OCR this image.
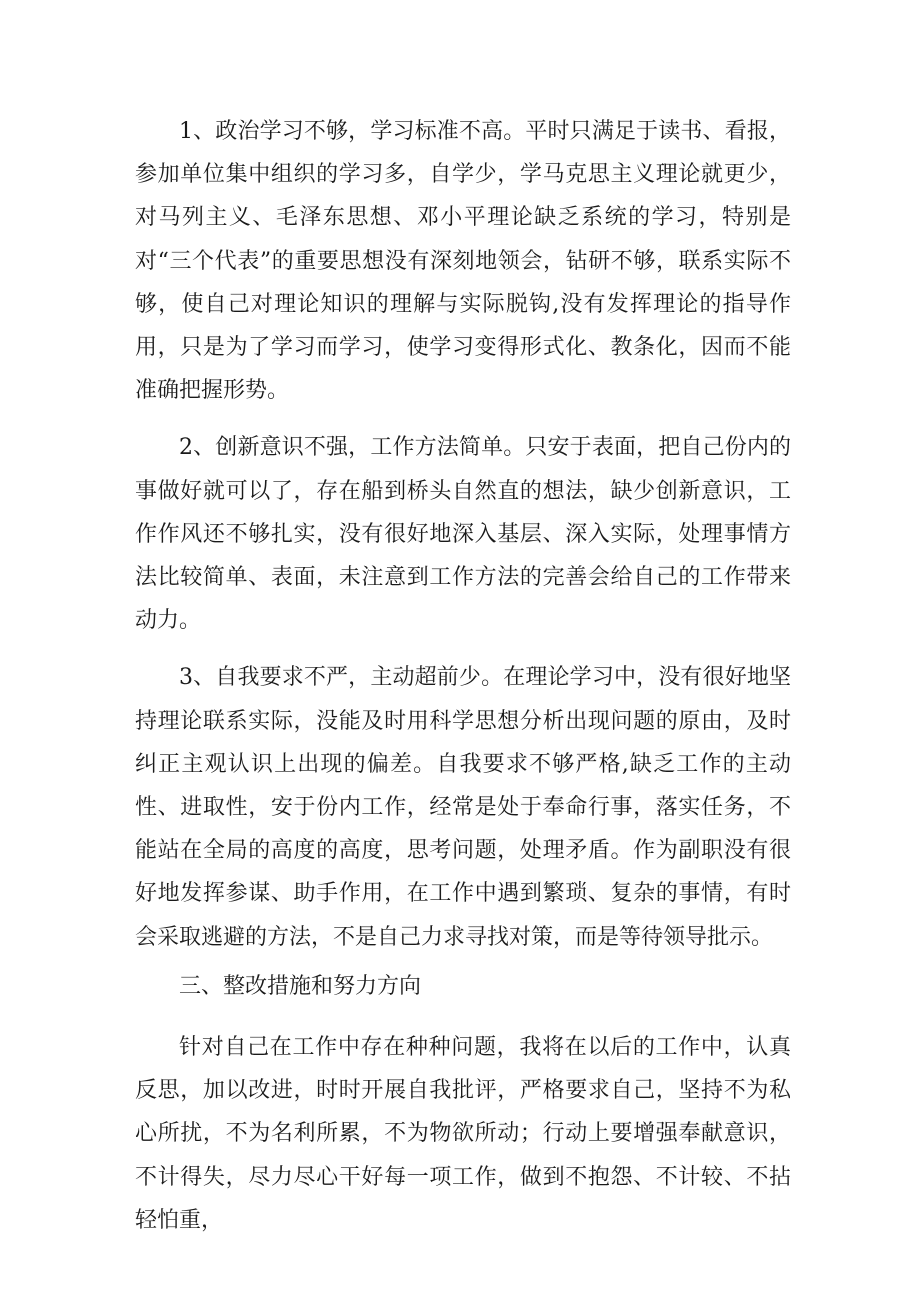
1、政治学习不够，学习标准不高。平时只满足于读书、看报，参加单位集中组织的学习多，自学少，学马克思主义理论就更少，对马列主义、毛泽东思想、邓小平理论缺乏系统的学习，特别是对“三个代表”的重要思想没有深刻地领会，钻研不够，联系实际不够，使自己对理论知识的理解与实际脱钩,没有发挥理论的指导作用，只是为了学习而学习，使学习变得形式化、教条化，因而不能准确把握形势。

2、创新意识不强，工作方法简单。只安于表面，把自己份内的事做好就可以了，存在船到桥头自然直的想法，缺少创新意识，工作作风还不够扎实，没有很好地深入基层、深入实际，处理事情方法比较简单、表面，未注意到工作方法的完善会给自己的工作带来动力。

3、自我要求不严，主动超前少。在理论学习中，没有很好地坚持理论联系实际，没能及时用科学思想分析出现问题的原由，及时纠正主观认识上出现的偏差。自我要求不够严格,缺乏工作的主动性、进取性，安于份内工作，经常是处于奉命行事，落实任务，不能站在全局的高度的高度，思考问题，处理矛盾。作为副职没有很好地发挥参谋、助手作用，在工作中遇到繁琐、复杂的事情，有时会采取逃避的方法，不是自己力求寻找对策，而是等待领导批示。

三、整改措施和努力方向

针对自己在工作中存在种种问题，我将在以后的工作中，认真反思，加以改进，时时开展自我批评，严格要求自己，坚持不为私心所扰，不为名利所累，不为物欲所动；行动上要增强奉献意识，不计得失，尽力尽心干好每一项工作，做到不抱怨、不计较、不拈轻怕重，
